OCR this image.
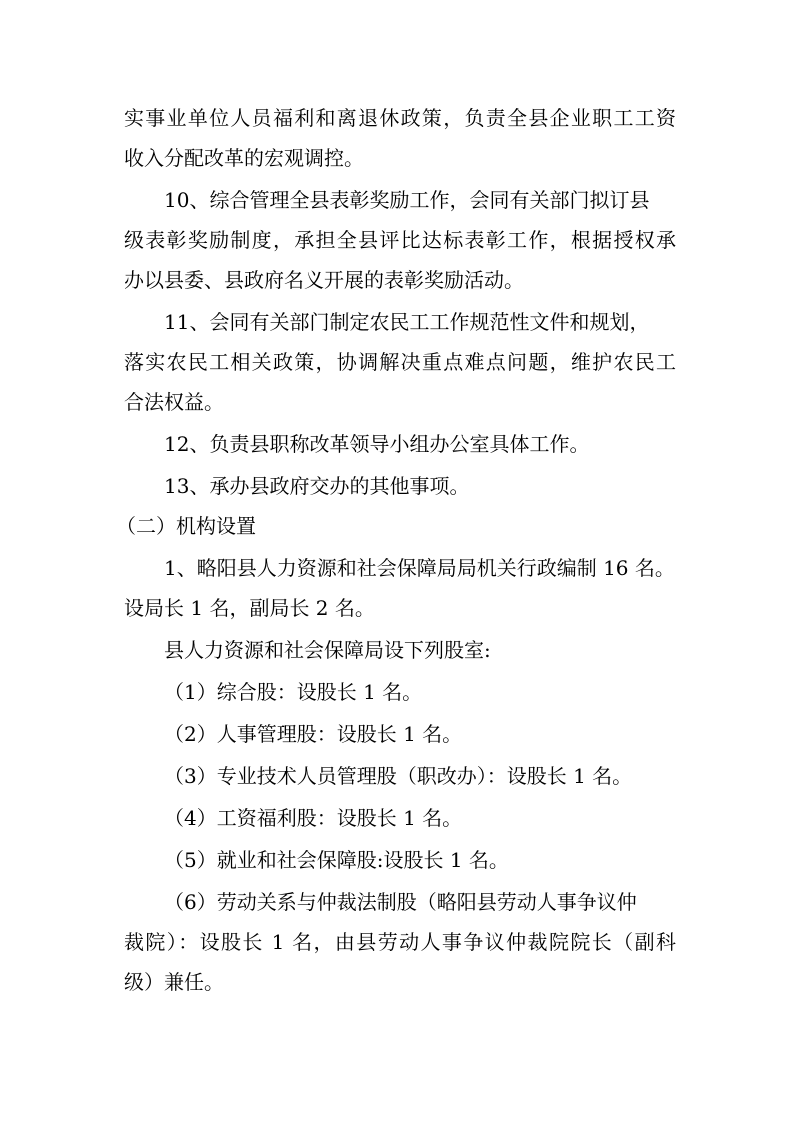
实事业单位人员福利和离退休政策，负责全县企业职工工资

收入分配改革的宏观调控。

10、综合管理全县表彰奖励工作，会同有关部门拟订县

级表彰奖励制度，承担全县评比达标表彰工作，根据授权承

办以县委、县政府名义开展的表彰奖励活动。

11、会同有关部门制定农民工工作规范性文件和规划，

落实农民工相关政策，协调解决重点难点问题，维护农民工

合法权益。

12、负责县职称改革领导小组办公室具体工作。

13、承办县政府交办的其他事项。

（二）机构设置

1、略阳县人力资源和社会保障局局机关行政编制 16 名。

设局长 1 名，副局长 2 名。

县人力资源和社会保障局设下列股室:

（1）综合股：设股长 1 名。

（2）人事管理股：设股长 1 名。

（3）专业技术人员管理股（职改办）：设股长 1 名。

（4）工资福利股：设股长 1 名。

（5）就业和社会保障股:设股长 1 名。

（6）劳动关系与仲裁法制股（略阳县劳动人事争议仲

裁院）：设股长 1 名，由县劳动人事争议仲裁院院长（副科

级）兼任。
